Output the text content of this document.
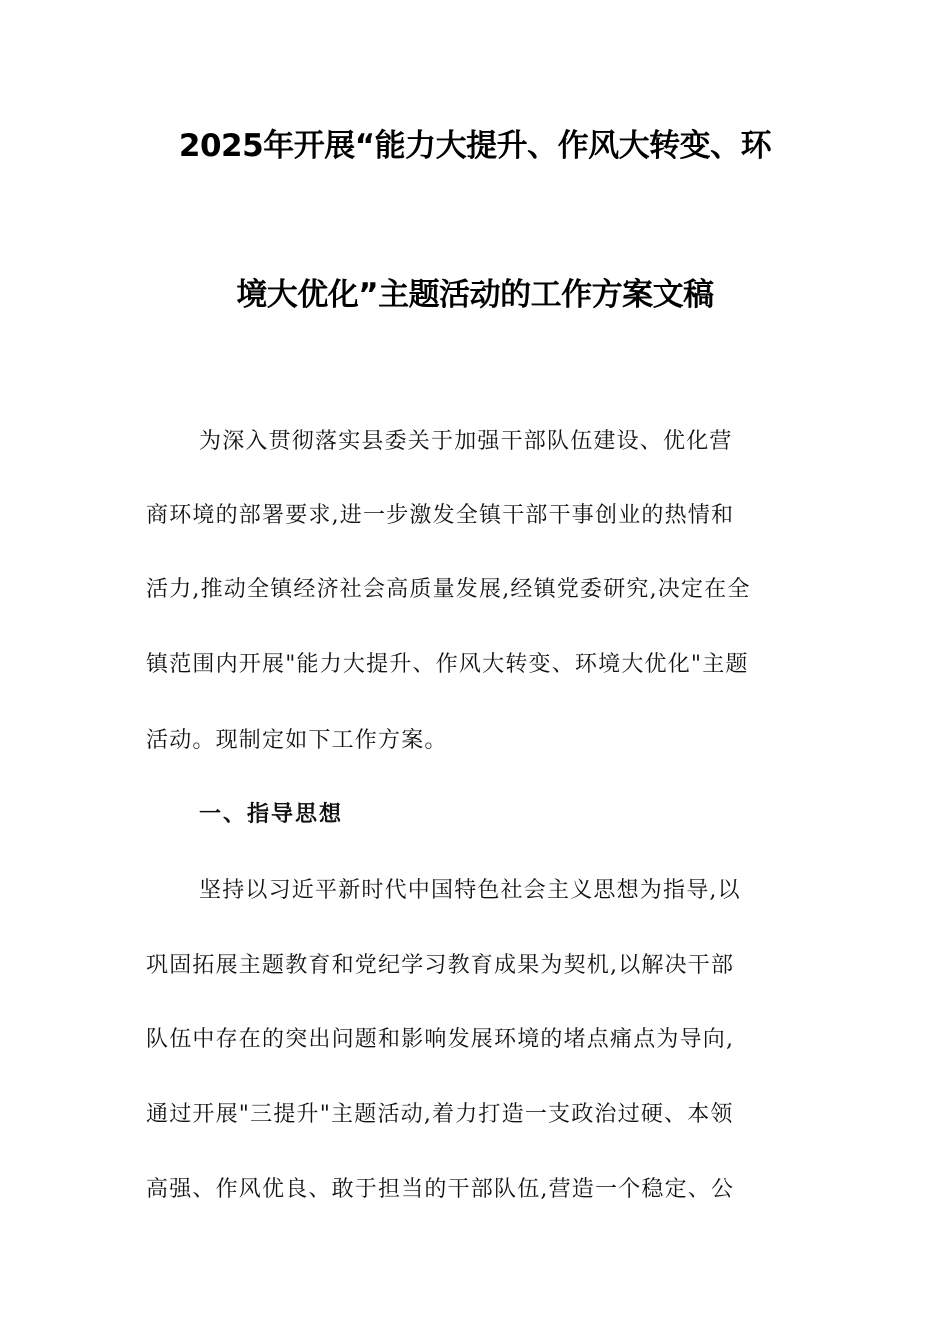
2025年开展“能力大提升、作风大转变、环
境大优化”主题活动的工作方案文稿
为深入贯彻落实县委关于加强干部队伍建设、优化营
商环境的部署要求,进一步激发全镇干部干事创业的热情和
活力,推动全镇经济社会高质量发展,经镇党委研究,决定在全
镇范围内开展"能力大提升、作风大转变、环境大优化"主题
活动。现制定如下工作方案。
一、指导思想
坚持以习近平新时代中国特色社会主义思想为指导,以
巩固拓展主题教育和党纪学习教育成果为契机,以解决干部
队伍中存在的突出问题和影响发展环境的堵点痛点为导向,
通过开展"三提升"主题活动,着力打造一支政治过硬、本领
高强、作风优良、敢于担当的干部队伍,营造一个稳定、公
